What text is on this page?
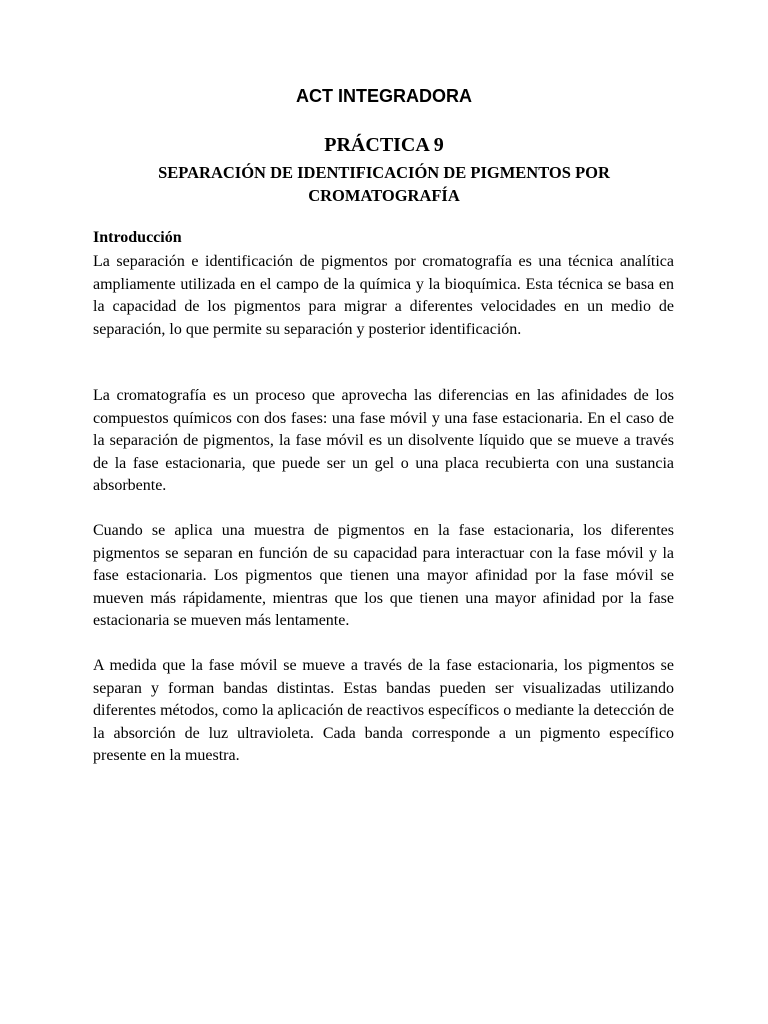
ACT INTEGRADORA
PRÁCTICA 9
SEPARACIÓN DE IDENTIFICACIÓN DE PIGMENTOS POR CROMATOGRAFÍA
Introducción
La separación e identificación de pigmentos por cromatografía es una técnica analítica ampliamente utilizada en el campo de la química y la bioquímica. Esta técnica se basa en la capacidad de los pigmentos para migrar a diferentes velocidades en un medio de separación, lo que permite su separación y posterior identificación.
La cromatografía es un proceso que aprovecha las diferencias en las afinidades de los compuestos químicos con dos fases: una fase móvil y una fase estacionaria. En el caso de la separación de pigmentos, la fase móvil es un disolvente líquido que se mueve a través de la fase estacionaria, que puede ser un gel o una placa recubierta con una sustancia absorbente.
Cuando se aplica una muestra de pigmentos en la fase estacionaria, los diferentes pigmentos se separan en función de su capacidad para interactuar con la fase móvil y la fase estacionaria. Los pigmentos que tienen una mayor afinidad por la fase móvil se mueven más rápidamente, mientras que los que tienen una mayor afinidad por la fase estacionaria se mueven más lentamente.
A medida que la fase móvil se mueve a través de la fase estacionaria, los pigmentos se separan y forman bandas distintas. Estas bandas pueden ser visualizadas utilizando diferentes métodos, como la aplicación de reactivos específicos o mediante la detección de la absorción de luz ultravioleta. Cada banda corresponde a un pigmento específico presente en la muestra.
